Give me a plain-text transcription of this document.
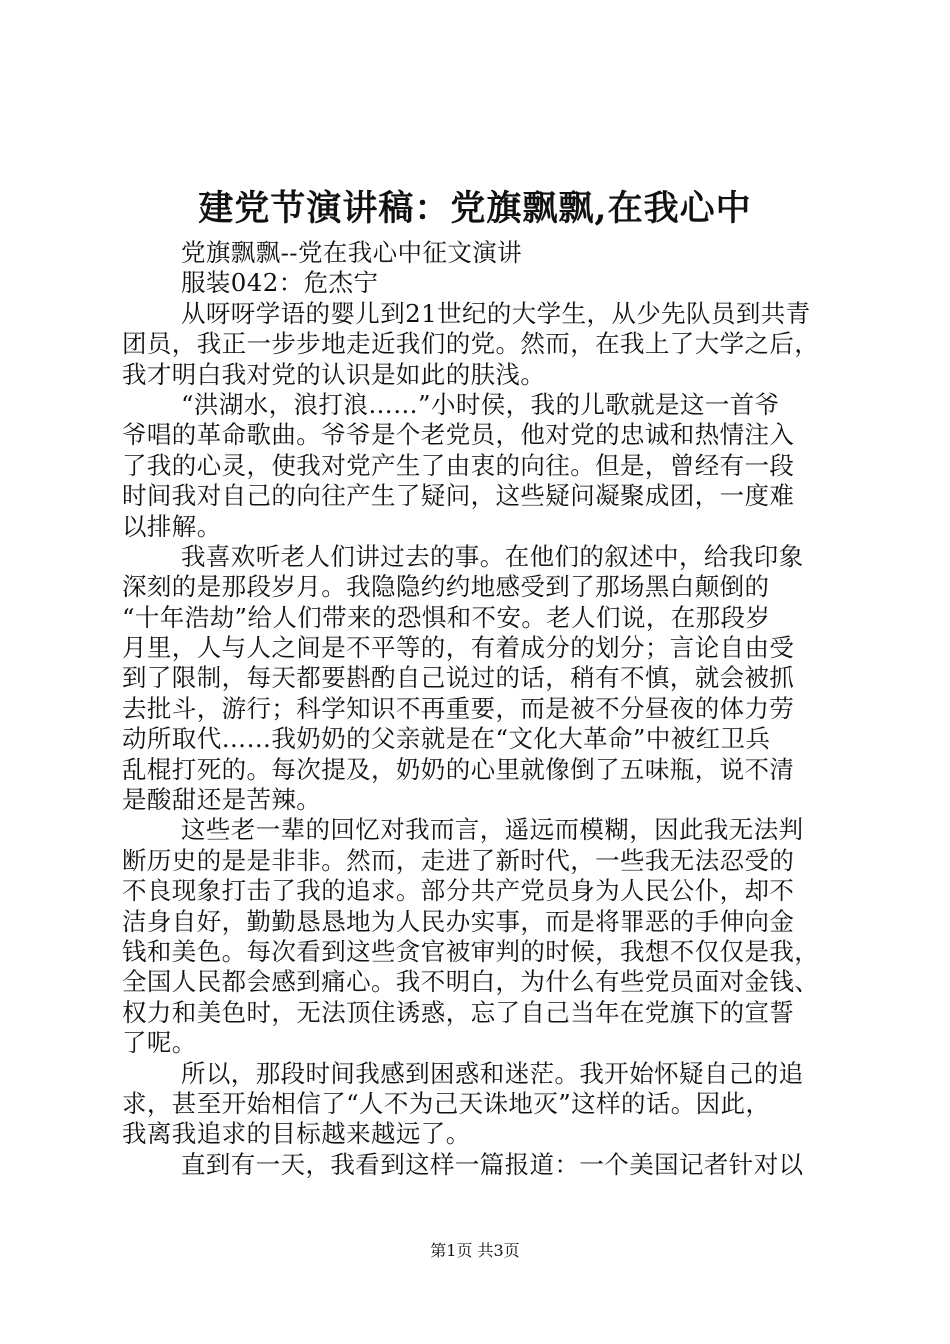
建党节演讲稿：党旗飘飘,在我心中
党旗飘飘--党在我心中征文演讲
服装042：危杰宁
从呀呀学语的婴儿到21世纪的大学生，从少先队员到共青
团员，我正一步步地走近我们的党。然而，在我上了大学之后，
我才明白我对党的认识是如此的肤浅。
“洪湖水，浪打浪……”小时侯，我的儿歌就是这一首爷
爷唱的革命歌曲。爷爷是个老党员，他对党的忠诚和热情注入
了我的心灵，使我对党产生了由衷的向往。但是，曾经有一段
时间我对自己的向往产生了疑问，这些疑问凝聚成团，一度难
以排解。
我喜欢听老人们讲过去的事。在他们的叙述中，给我印象
深刻的是那段岁月。我隐隐约约地感受到了那场黑白颠倒的
“十年浩劫”给人们带来的恐惧和不安。老人们说，在那段岁
月里，人与人之间是不平等的，有着成分的划分；言论自由受
到了限制，每天都要斟酌自己说过的话，稍有不慎，就会被抓
去批斗，游行；科学知识不再重要，而是被不分昼夜的体力劳
动所取代……我奶奶的父亲就是在“文化大革命”中被红卫兵
乱棍打死的。每次提及，奶奶的心里就像倒了五味瓶，说不清
是酸甜还是苦辣。
这些老一辈的回忆对我而言，遥远而模糊，因此我无法判
断历史的是是非非。然而，走进了新时代，一些我无法忍受的
不良现象打击了我的追求。部分共产党员身为人民公仆，却不
洁身自好，勤勤恳恳地为人民办实事，而是将罪恶的手伸向金
钱和美色。每次看到这些贪官被审判的时候，我想不仅仅是我，
全国人民都会感到痛心。我不明白，为什么有些党员面对金钱、
权力和美色时，无法顶住诱惑，忘了自己当年在党旗下的宣誓
了呢。
所以，那段时间我感到困惑和迷茫。我开始怀疑自己的追
求，甚至开始相信了“人不为己天诛地灭”这样的话。因此，
我离我追求的目标越来越远了。
直到有一天，我看到这样一篇报道：一个美国记者针对以
第1页 共3页
